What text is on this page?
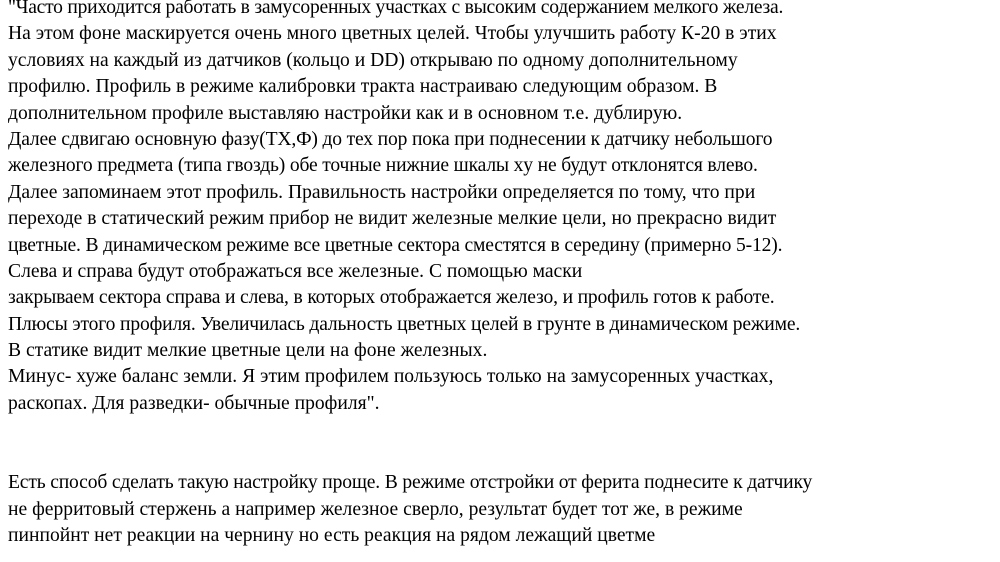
"Часто приходится работать в замусоренных участках с высоким содержанием мелкого железа.
На этом фоне маскируется очень много цветных целей. Чтобы улучшить работу К-20 в этих
условиях на каждый из датчиков (кольцо и DD) открываю по одному дополнительному
профилю. Профиль в режиме калибровки тракта настраиваю следующим образом. В
дополнительном профиле выставляю настройки как и в основном т.е. дублирую.
Далее сдвигаю основную фазу(TX,Ф) до тех пор пока при поднесении к датчику небольшого
железного предмета (типа гвоздь) обе точные нижние шкалы xy не будут отклонятся влево.
Далее запоминаем этот профиль. Правильность настройки определяется по тому, что при
переходе в статический режим прибор не видит железные мелкие цели, но прекрасно видит
цветные. В динамическом режиме все цветные сектора сместятся в середину (примерно 5-12).
Слева и справа будут отображаться все железные. С помощью маски
закрываем сектора справа и слева, в которых отображается железо, и профиль готов к работе.
Плюсы этого профиля. Увеличилась дальность цветных целей в грунте в динамическом режиме.
В статике видит мелкие цветные цели на фоне железных.
Минус- хуже баланс земли. Я этим профилем пользуюсь только на замусоренных участках,
раскопах. Для разведки- обычные профиля".
Есть способ сделать такую настройку проще. В режиме отстройки от ферита поднесите к датчику
не ферритовый стержень а например железное сверло, результат будет тот же, в режиме
пинпойнт нет реакции на чернину но есть реакция на рядом лежащий цветме
